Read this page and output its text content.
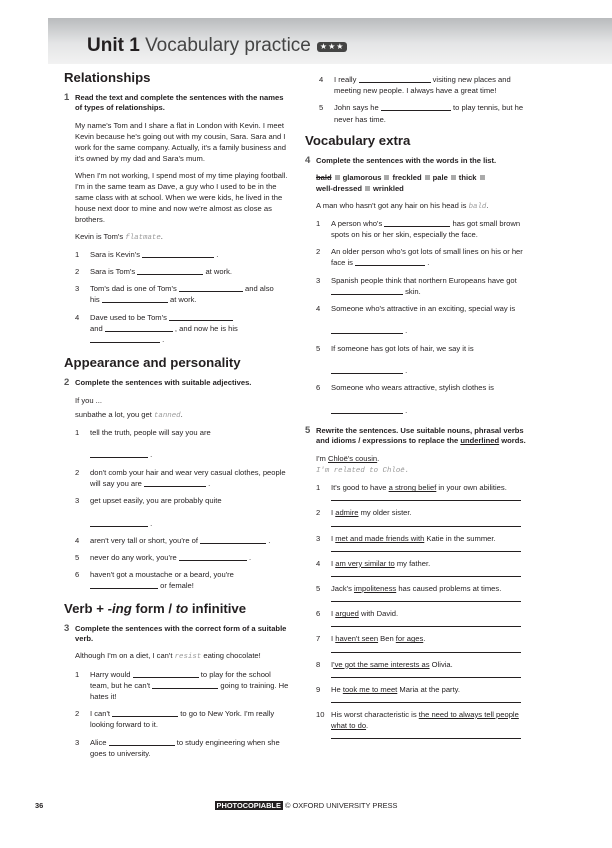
Unit 1 Vocabulary practice ★★★
Relationships
1 Read the text and complete the sentences with the names of types of relationships.
My name's Tom and I share a flat in London with Kevin. I meet Kevin because he's going out with my cousin, Sara. Sara and I work for the same company. Actually, it's a family business and it's owned by my dad and Sara's mum.
When I'm not working, I spend most of my time playing football. I'm in the same team as Dave, a guy who I used to be in the same class with at school. When we were kids, he lived in the house next door to mine and now we're almost as close as brothers.
Kevin is Tom's flatmate.
1	Sara is Kevin's	.
2	Sara is Tom's	at work.
3	Tom's dad is one of Tom's	and also
his	at work.
4	Dave used to be Tom's
and	, and now he is his
.
Appearance and personality
2 Complete the sentences with suitable adjectives.
If you ...
sunbathe a lot, you get tanned.
1	tell the truth, people will say you are

.
2	don't comb your hair and wear very casual clothes, people will say you are	.
3	get upset easily, you are probably quite

.
4	aren't very tall or short, you're of	.
5	never do any work, you're	.
6	haven't got a moustache or a beard, you're
or female!
Verb + -ing form / to infinitive
3 Complete the sentences with the correct form of a suitable verb.
Although I'm on a diet, I can't resist eating chocolate!
1	Harry would	to play for the school team, but he can't	going to training. He hates it!
2	I can't	to go to New York. I'm really looking forward to it.
3	Alice	to study engineering when she goes to university.
4	I really	visiting new places and meeting new people. I always have a great time!
5	John says he	to play tennis, but he never has time.
Vocabulary extra
4 Complete the sentences with the words in the list.
bald glamorous freckled pale thick
well-dressed wrinkled
A man who hasn't got any hair on his head is bald.
1	A person who's	has got small brown spots on his or her skin, especially the face.
2	An older person who's got lots of small lines on his or her face is	.
3	Spanish people think that northern Europeans have got
skin.
4	Someone who's attractive in an exciting, special way is

.
5	If someone has got lots of hair, we say it is

.
6	Someone who wears attractive, stylish clothes is

.
5 Rewrite the sentences. Use suitable nouns, phrasal verbs and idioms / expressions to replace the underlined words.
I'm Chloë's cousin.
I'm related to Chloë.
1	It's good to have a strong belief in your own abilities.
2	I admire my older sister.
3	I met and made friends with Katie in the summer.
4	I am very similar to my father.
5	Jack's impoliteness has caused problems at times.
6	I argued with David.
7	I haven't seen Ben for ages.
8	I've got the same interests as Olivia.
9	He took me to meet Maria at the party.
10 His worst characteristic is the need to always tell people what to do.
36	PHOTOCOPIABLE © OXFORD UNIVERSITY PRESS
